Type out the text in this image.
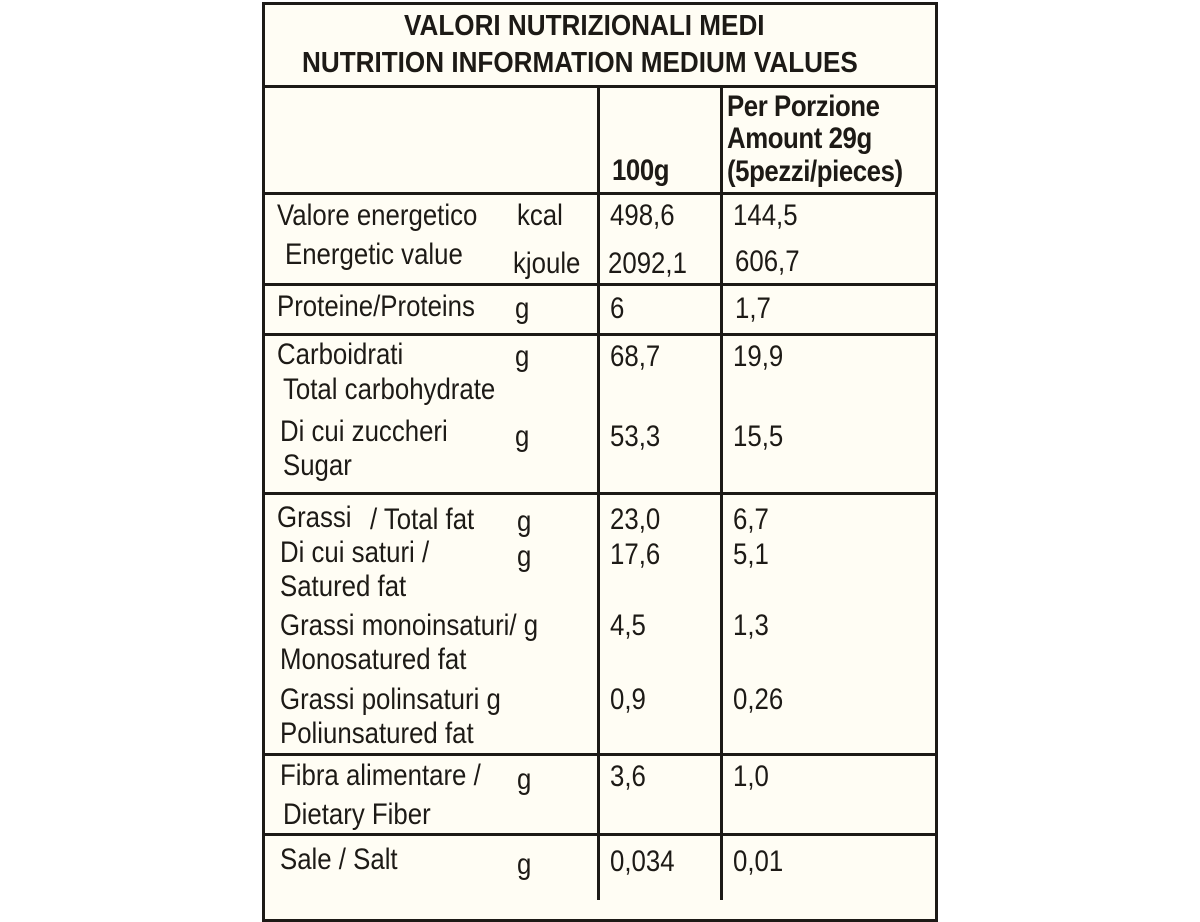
VALORI NUTRIZIONALI MEDI
NUTRITION INFORMATION MEDIUM VALUES
100g
Per Porzione
Amount 29g
(5pezzi/pieces)
Valore energetico kcal 498,6 144,5
Energetic value kjoule 2092,1 606,7
Proteine/Proteins g	6	1,7
Carboidrati	g	68,7 19,9
Total carbohydrate
Di cui zuccheri g	53,3 15,5
Sugar
Grassi / Total fat g	23,0 6,7
Di cui saturi /	g	17,6 5,1
Satured fat
Grassi monoinsaturi/ g 4,5	1,3
Monosatured fat
Grassi polinsaturi g	0,9	0,26
Poliunsatured fat
Fibra alimentare / g	3,6	1,0
Dietary Fiber
Sale / Salt	g	0,034 0,01
